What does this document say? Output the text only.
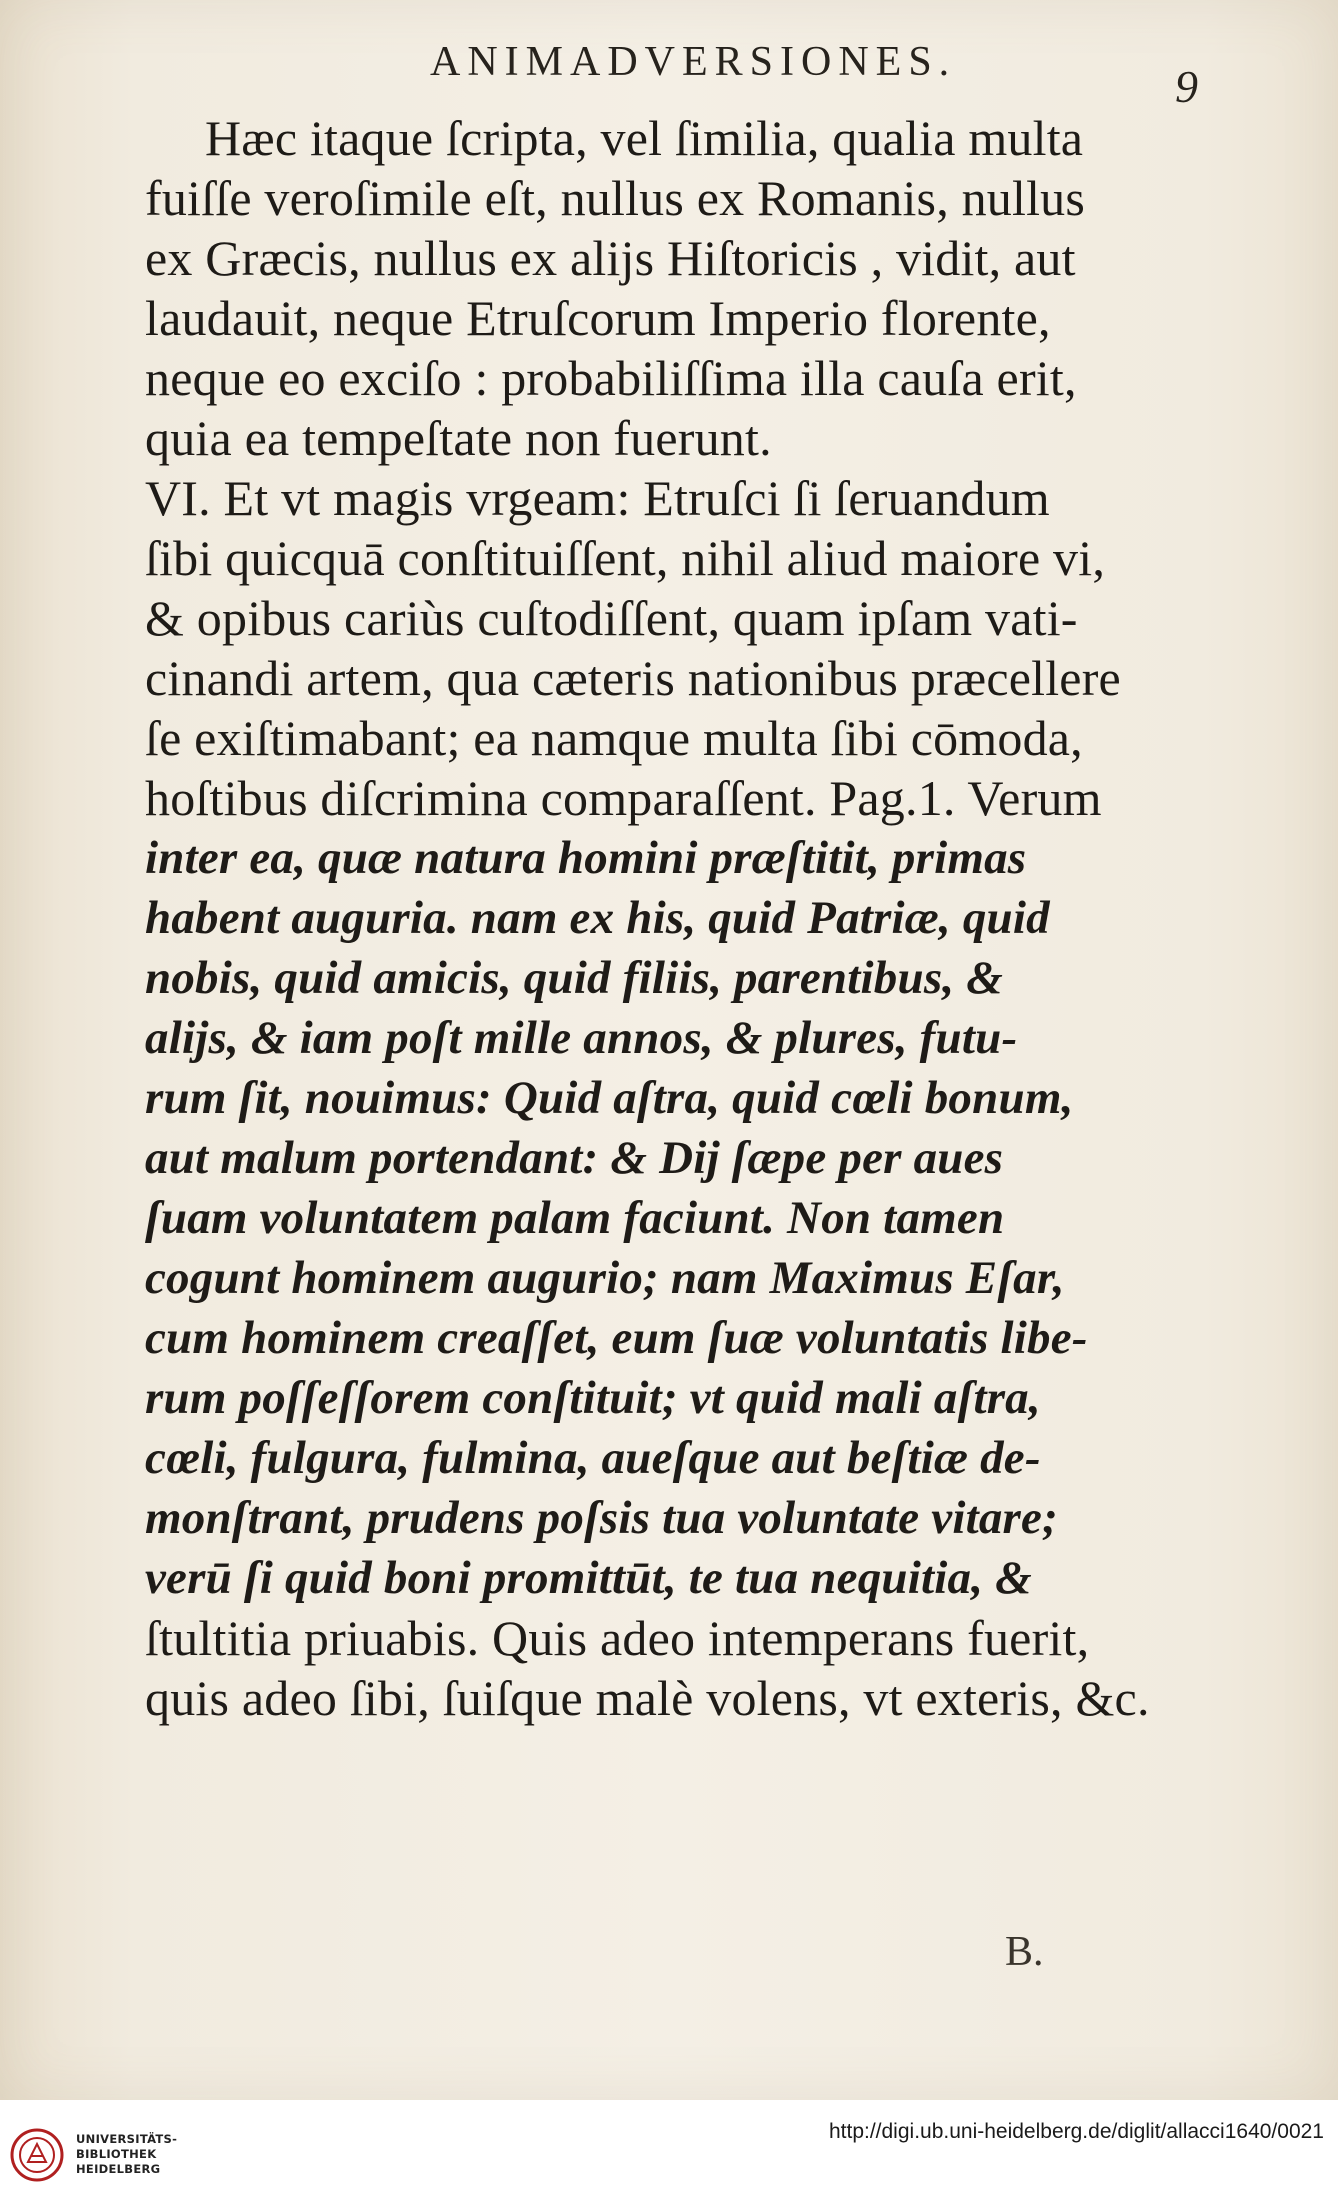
ANIMADVERSIONES.	9
Hæc itaque ſcripta, vel ſimilia, qualia multa
fuiſſe veroſimile eſt, nullus ex Romanis, nullus
ex Græcis, nullus ex alijs Hiſtoricis , vidit, aut
laudauit, neque Etruſcorum Imperio florente,
neque eo exciſo : probabiliſſima illa cauſa erit,
quia ea tempeſtate non fuerunt.
VI. Et vt magis vrgeam: Etruſci ſi ſeruandum
ſibi quicquā conſtituiſſent, nihil aliud maiore vi,
& opibus cariùs cuſtodiſſent, quam ipſam vati-
cinandi artem, qua cæteris nationibus præcellere
ſe exiſtimabant; ea namque multa ſibi cōmoda,
hoſtibus diſcrimina comparaſſent. Pag.1. Verum
inter ea, quæ natura homini præſtitit, primas
habent auguria. nam ex his, quid Patriæ, quid
nobis, quid amicis, quid filiis, parentibus, &
alijs, & iam poſt mille annos, & plures, futu-
rum ſit, nouimus: Quid aſtra, quid cœli bonum,
aut malum portendant: & Dij ſæpe per aues
ſuam voluntatem palam faciunt. Non tamen
cogunt hominem augurio; nam Maximus Eſar,
cum hominem creaſſet, eum ſuæ voluntatis libe-
rum poſſeſſorem conſtituit; vt quid mali aſtra,
cœli, fulgura, fulmina, aueſque aut beſtiæ de-
monſtrant, prudens poſsis tua voluntate vitare;
verū ſi quid boni promittūt, te tua nequitia, &
ſtultitia priuabis. Quis adeo intemperans fuerit,
quis adeo ſibi, ſuiſque malè volens, vt exteris, &c.
B.
UNIVERSITÄTS-
BIBLIOTHEK
HEIDELBERG
http://digi.ub.uni-heidelberg.de/diglit/allacci1640/0021
